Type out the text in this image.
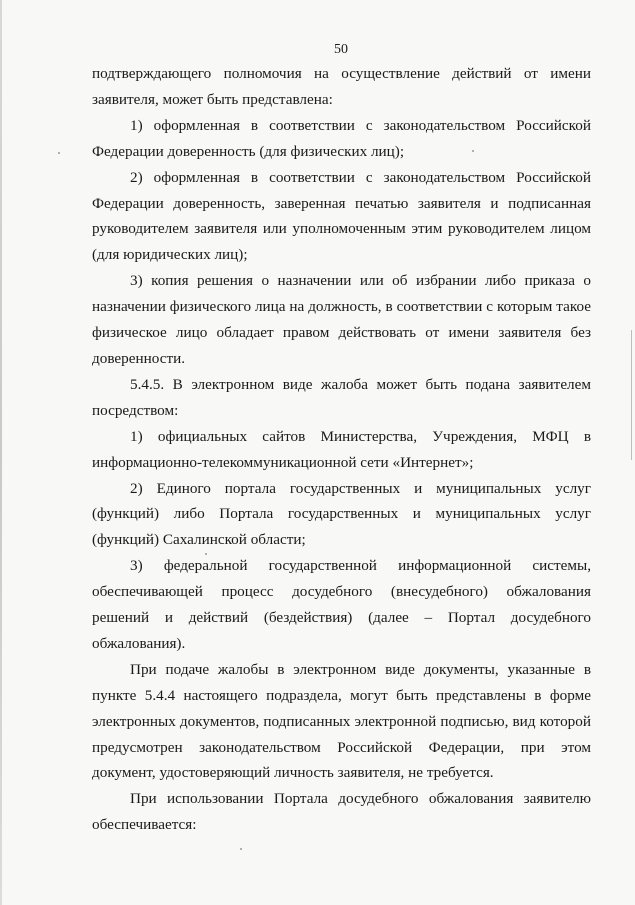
50

подтверждающего полномочия на осуществление действий от имени заявителя, может быть представлена:

1) оформленная в соответствии с законодательством Российской Федерации доверенность (для физических лиц);

2) оформленная в соответствии с законодательством Российской Федерации доверенность, заверенная печатью заявителя и подписанная руководителем заявителя или уполномоченным этим руководителем лицом (для юридических лиц);

3) копия решения о назначении или об избрании либо приказа о назначении физического лица на должность, в соответствии с которым такое физическое лицо обладает правом действовать от имени заявителя без доверенности.

5.4.5. В электронном виде жалоба может быть подана заявителем посредством:

1) официальных сайтов Министерства, Учреждения, МФЦ в информационно-телекоммуникационной сети «Интернет»;

2) Единого портала государственных и муниципальных услуг (функций) либо Портала государственных и муниципальных услуг (функций) Сахалинской области;

3) федеральной государственной информационной системы, обеспечивающей процесс досудебного (внесудебного) обжалования решений и действий (бездействия) (далее – Портал досудебного обжалования).

При подаче жалобы в электронном виде документы, указанные в пункте 5.4.4 настоящего подраздела, могут быть представлены в форме электронных документов, подписанных электронной подписью, вид которой предусмотрен законодательством Российской Федерации, при этом документ, удостоверяющий личность заявителя, не требуется.

При использовании Портала досудебного обжалования заявителю обеспечивается:
